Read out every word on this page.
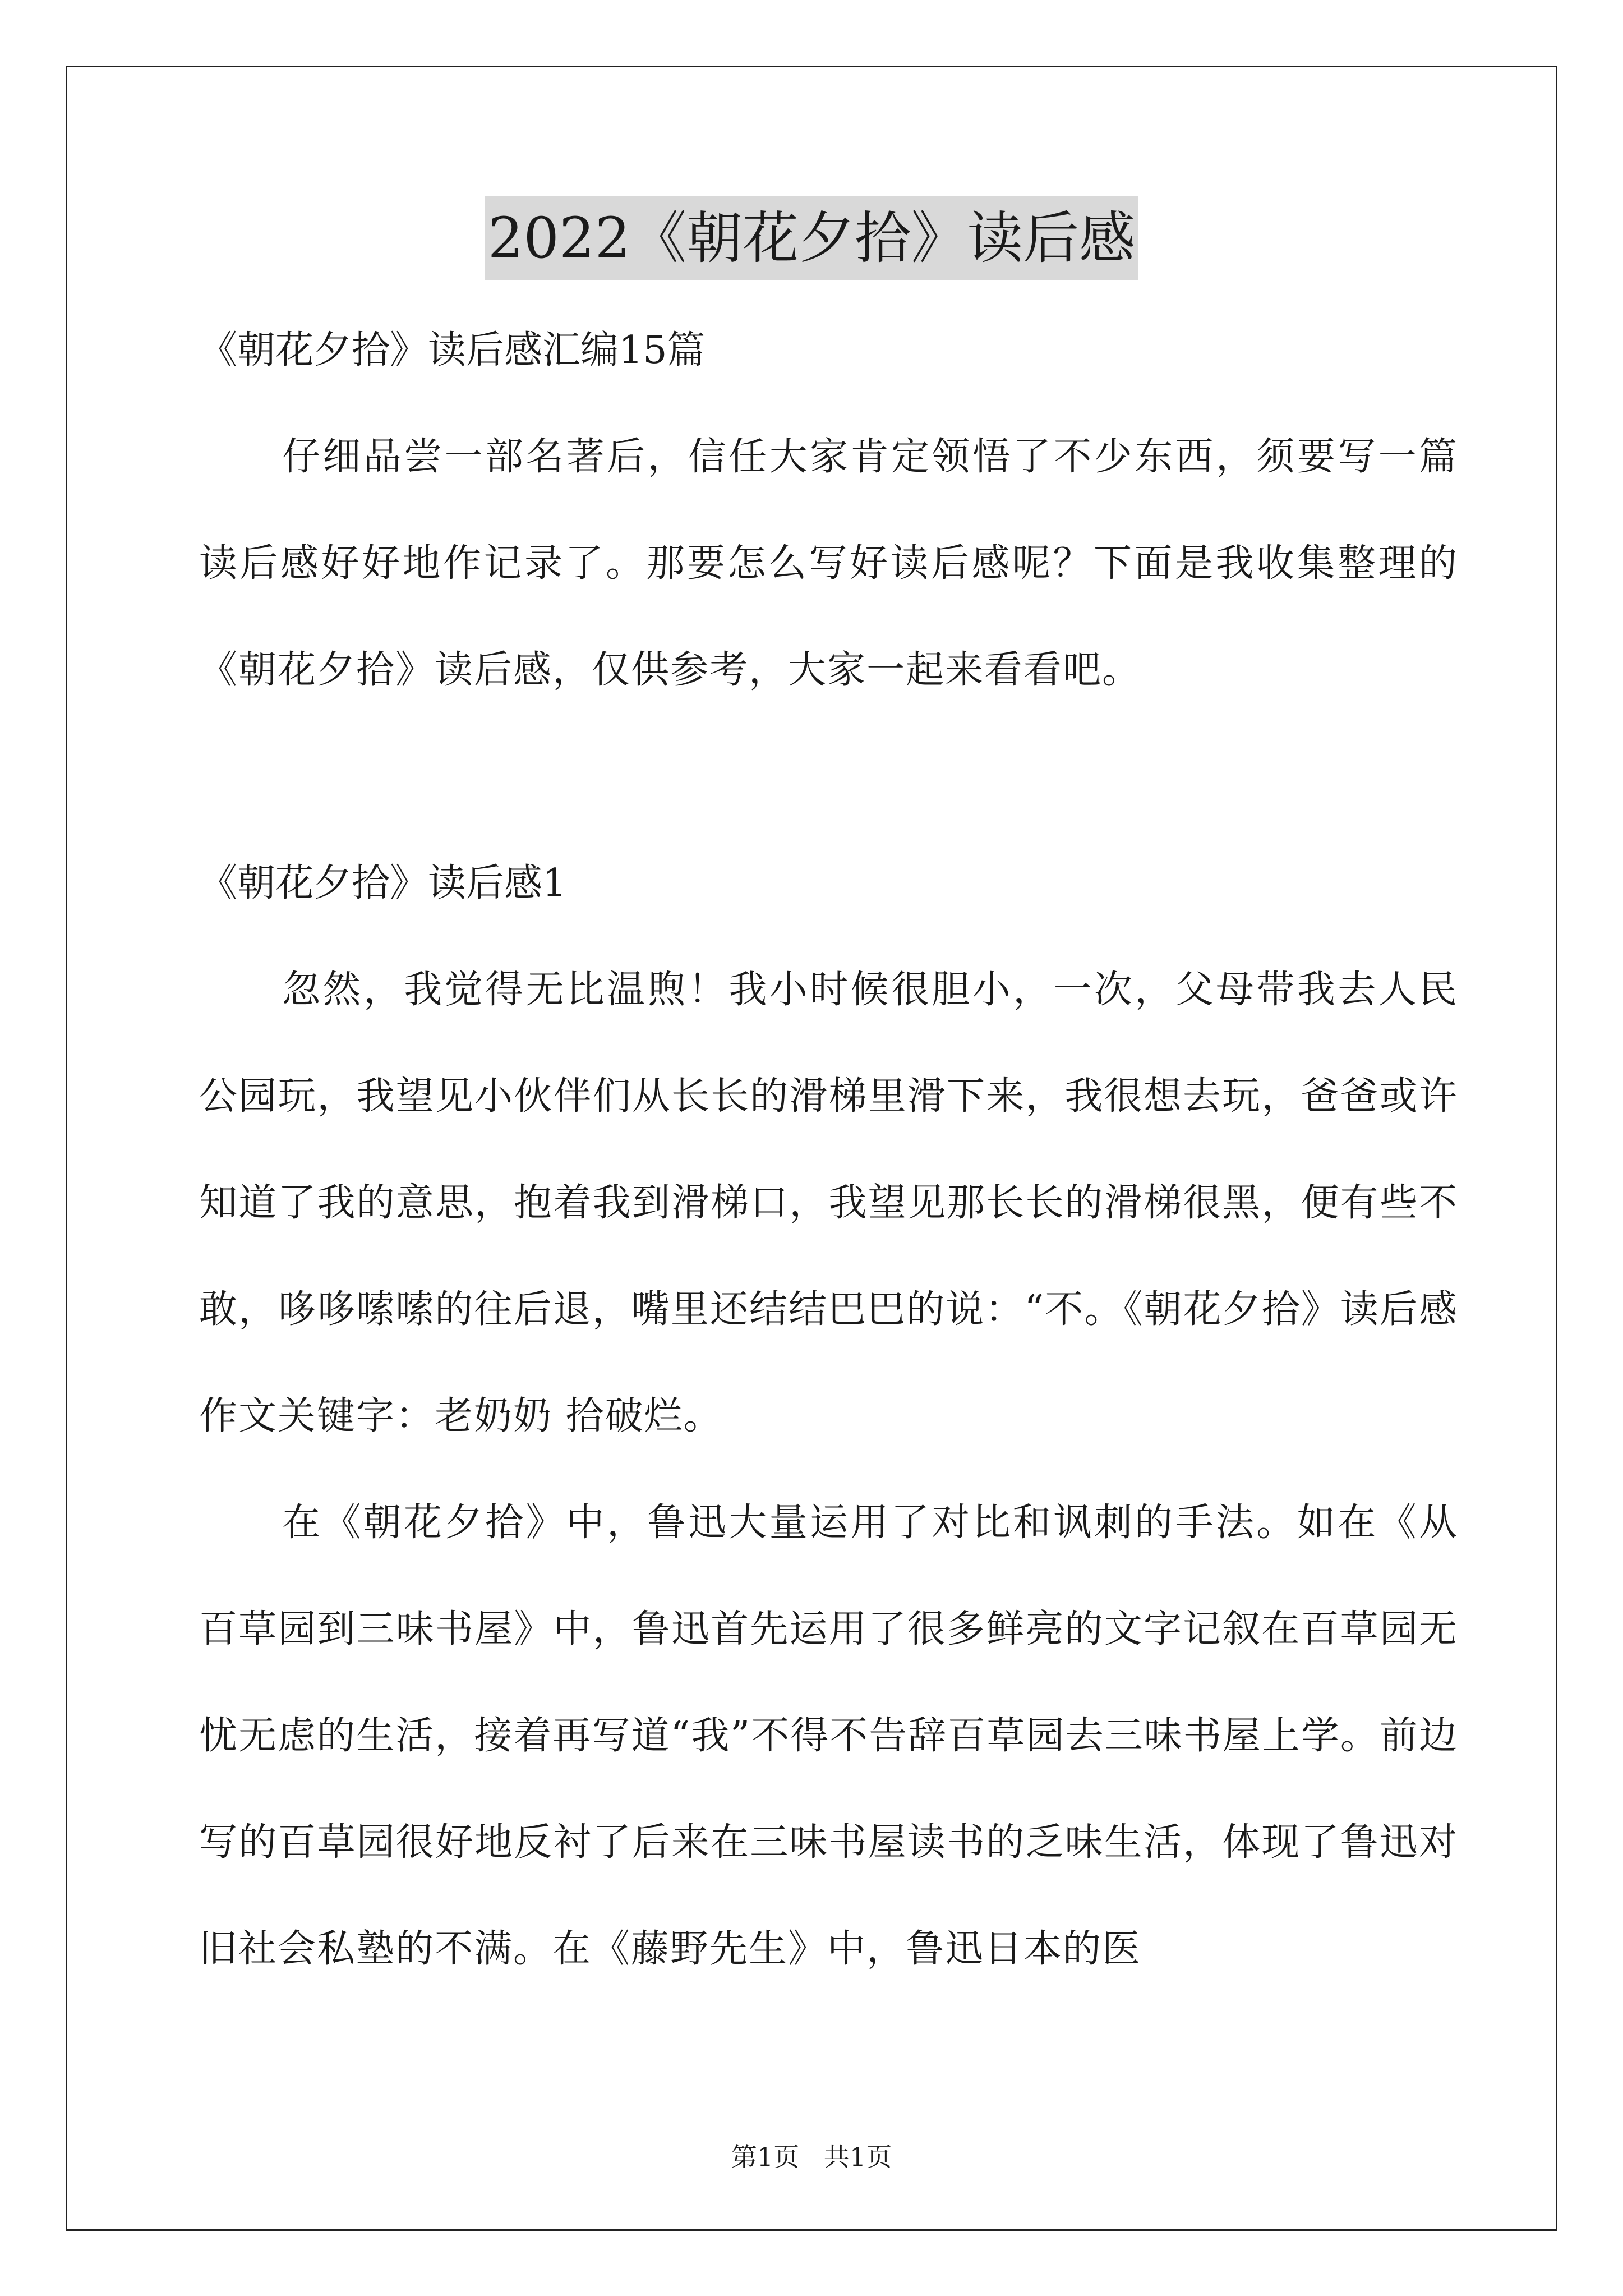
2022《朝花夕拾》读后感

《朝花夕拾》读后感汇编15篇

仔细品尝一部名著后，信任大家肯定领悟了不少东西，须要写一篇读后感好好地作记录了。那要怎么写好读后感呢？下面是我收集整理的《朝花夕拾》读后感，仅供参考，大家一起来看看吧。

《朝花夕拾》读后感1

忽然，我觉得无比温煦！我小时候很胆小，一次，父母带我去人民公园玩，我望见小伙伴们从长长的滑梯里滑下来，我很想去玩，爸爸或许知道了我的意思，抱着我到滑梯口，我望见那长长的滑梯很黑，便有些不敢，哆哆嗦嗦的往后退，嘴里还结结巴巴的说：“不。《朝花夕拾》读后感作文关键字：老奶奶 拾破烂。

在《朝花夕拾》中，鲁迅大量运用了对比和讽刺的手法。如在《从百草园到三味书屋》中，鲁迅首先运用了很多鲜亮的文字记叙在百草园无忧无虑的生活，接着再写道“我”不得不告辞百草园去三味书屋上学。前边写的百草园很好地反衬了后来在三味书屋读书的乏味生活，体现了鲁迅对旧社会私塾的不满。在《藤野先生》中，鲁迅日本的医

第1页   共1页
